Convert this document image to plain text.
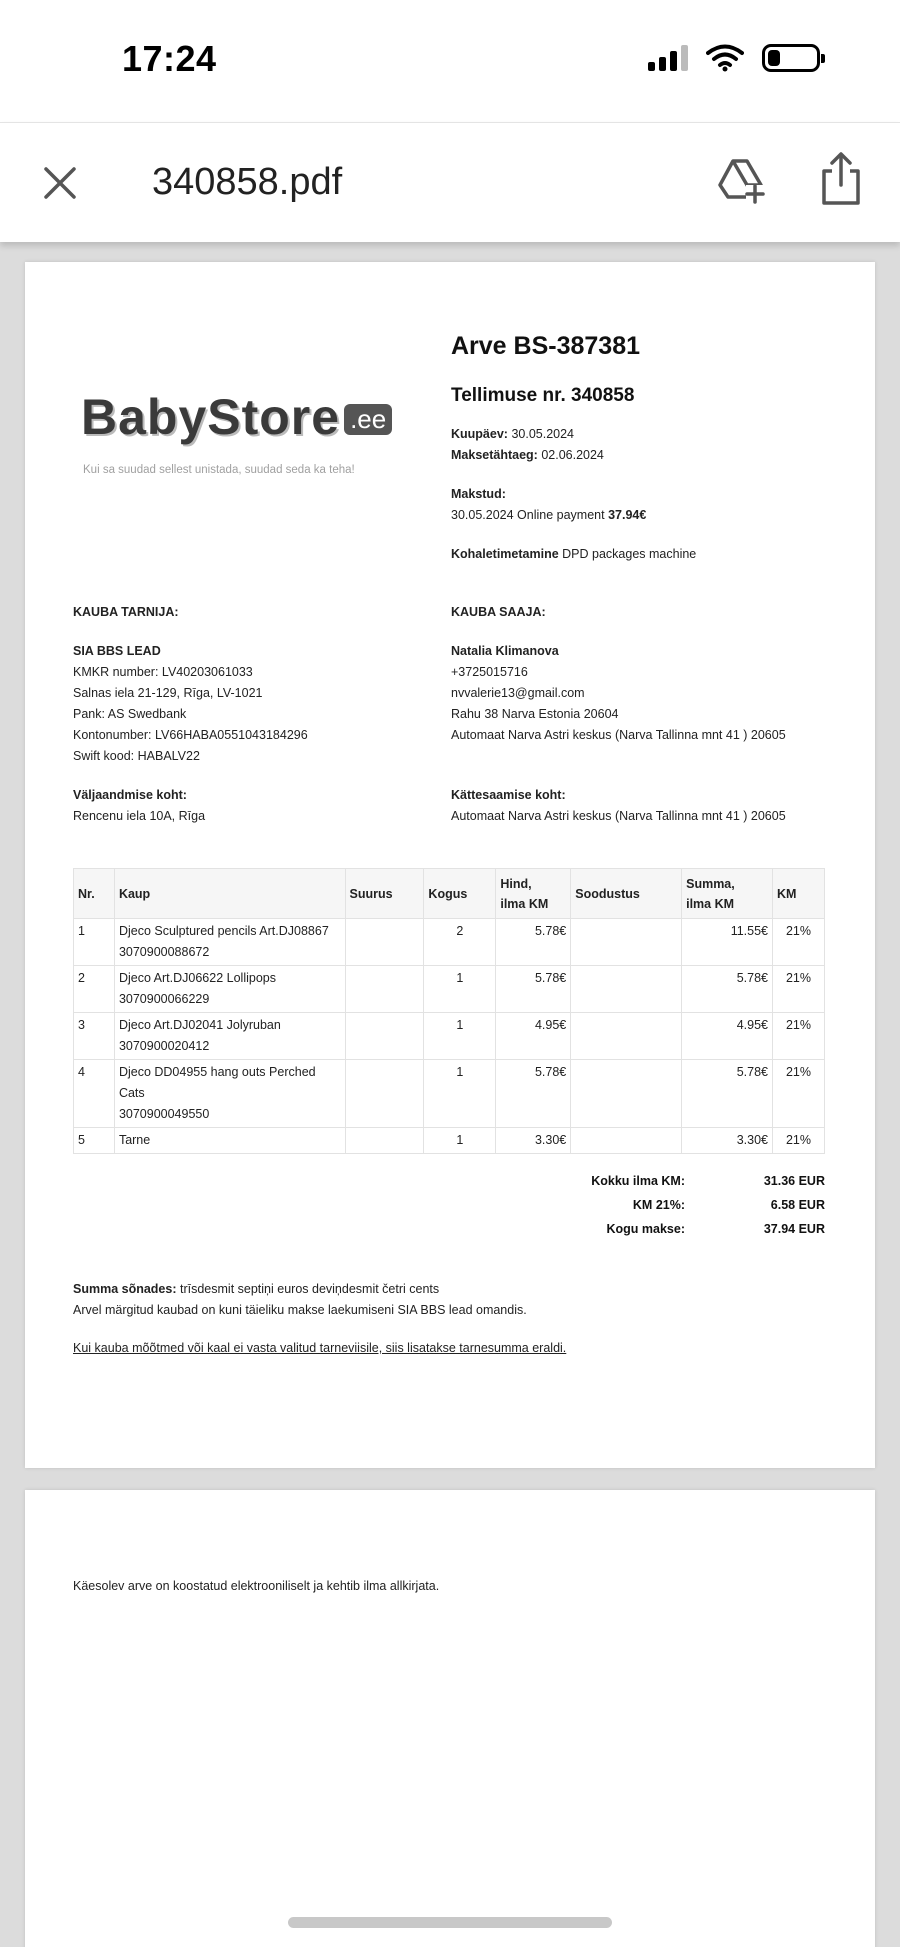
17:24
340858.pdf
BabyStore .ee
Kui sa suudad sellest unistada, suudad seda ka teha!
Arve BS-387381
Tellimuse nr. 340858
Kuupäev: 30.05.2024
Maksetähtaeg: 02.06.2024
Makstud:
30.05.2024 Online payment 37.94€
Kohaletimetamine DPD packages machine
KAUBA TARNIJA:
SIA BBS LEAD
KMKR number: LV40203061033
Salnas iela 21-129, Rīga, LV-1021
Pank: AS Swedbank
Kontonumber: LV66HABA0551043184296
Swift kood: HABALV22
Väljaandmise koht:
Rencenu iela 10A, Rīga
KAUBA SAAJA:
Natalia Klimanova
+3725015716
nvvalerie13@gmail.com
Rahu 38 Narva Estonia 20604
Automaat Narva Astri keskus (Narva Tallinna mnt 41 ) 20605
Kättesaamise koht:
Automaat Narva Astri keskus (Narva Tallinna mnt 41 ) 20605
Nr.	Kaup	Suurus	Kogus	Hind,
ilma KM	Soodustus	Summa,
ilma KM	KM
1	Djeco Sculptured pencils Art.DJ08867
3070900088672		2	5.78€		11.55€	21%
2	Djeco Art.DJ06622 Lollipops
3070900066229		1	5.78€		5.78€	21%
3	Djeco Art.DJ02041 Jolyruban
3070900020412		1	4.95€		4.95€	21%
4	Djeco DD04955 hang outs Perched Cats
3070900049550		1	5.78€		5.78€	21%
5	Tarne		1	3.30€		3.30€	21%
Kokku ilma KM:	31.36 EUR
KM 21%:	6.58 EUR
Kogu makse:	37.94 EUR
Summa sõnades: trīsdesmit septiņi euros deviņdesmit četri cents
Arvel märgitud kaubad on kuni täieliku makse laekumiseni SIA BBS lead omandis.
Kui kauba mõõtmed või kaal ei vasta valitud tarneviisile, siis lisatakse tarnesumma eraldi.
Käesolev arve on koostatud elektrooniliselt ja kehtib ilma allkirjata.
